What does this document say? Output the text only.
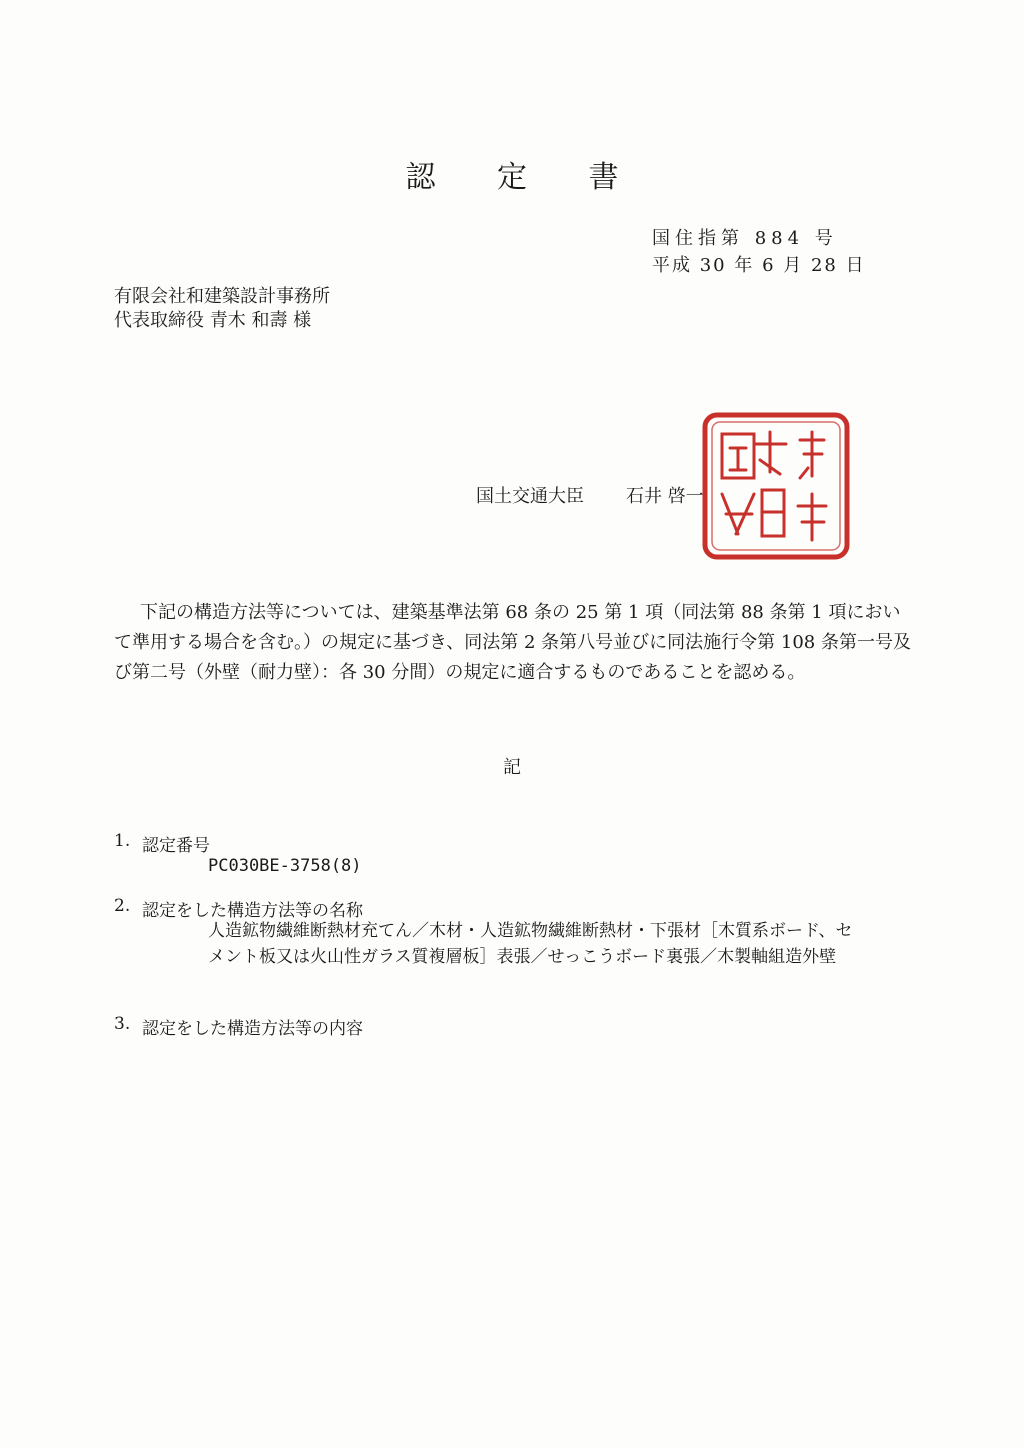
認 定 書
国住指第 884 号
平成 30 年 6 月 28 日
有限会社和建築設計事務所
代表取締役 青木 和壽 様
国土交通大臣 石井 啓一
下記の構造方法等については、建築基準法第 68 条の 25 第 1 項（同法第 88 条第 1 項において準用する場合を含む。）の規定に基づき、同法第 2 条第八号並びに同法施行令第 108 条第一号及び第二号（外壁（耐力壁）：各 30 分間）の規定に適合するものであることを認める。
記
1. 認定番号
PC030BE-3758(8)
2. 認定をした構造方法等の名称
人造鉱物繊維断熱材充てん／木材・人造鉱物繊維断熱材・下張材［木質系ボード、セメント板又は火山性ガラス質複層板］表張／せっこうボード裏張／木製軸組造外壁
3. 認定をした構造方法等の内容
